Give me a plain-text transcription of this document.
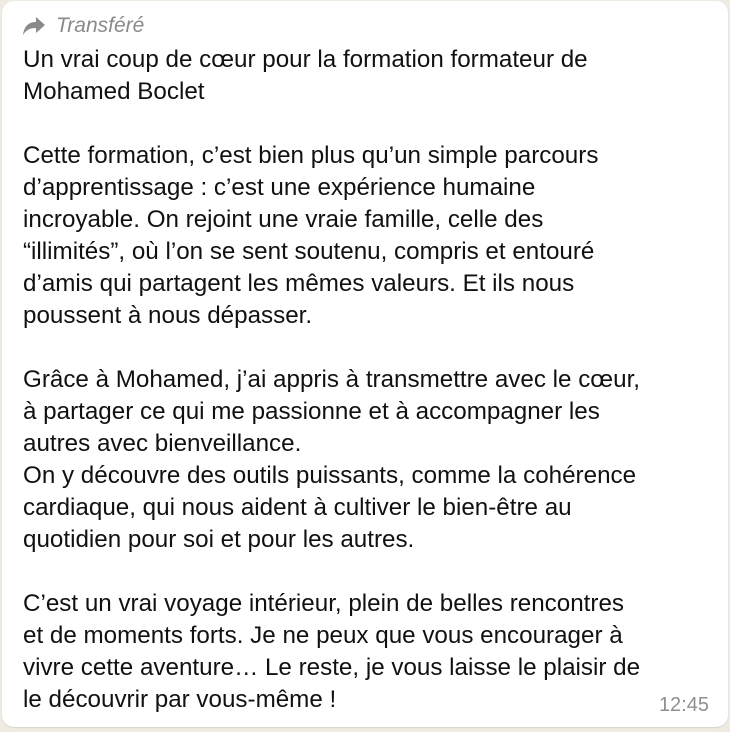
Transféré

Un vrai coup de cœur pour la formation formateur de
Mohamed Boclet

Cette formation, c’est bien plus qu’un simple parcours
d’apprentissage : c’est une expérience humaine
incroyable. On rejoint une vraie famille, celle des
“illimités”, où l’on se sent soutenu, compris et entouré
d’amis qui partagent les mêmes valeurs. Et ils nous
poussent à nous dépasser.

Grâce à Mohamed, j’ai appris à transmettre avec le cœur,
à partager ce qui me passionne et à accompagner les
autres avec bienveillance.
On y découvre des outils puissants, comme la cohérence
cardiaque, qui nous aident à cultiver le bien-être au
quotidien pour soi et pour les autres.

C’est un vrai voyage intérieur, plein de belles rencontres
et de moments forts. Je ne peux que vous encourager à
vivre cette aventure… Le reste, je vous laisse le plaisir de
le découvrir par vous-même !	12:45
